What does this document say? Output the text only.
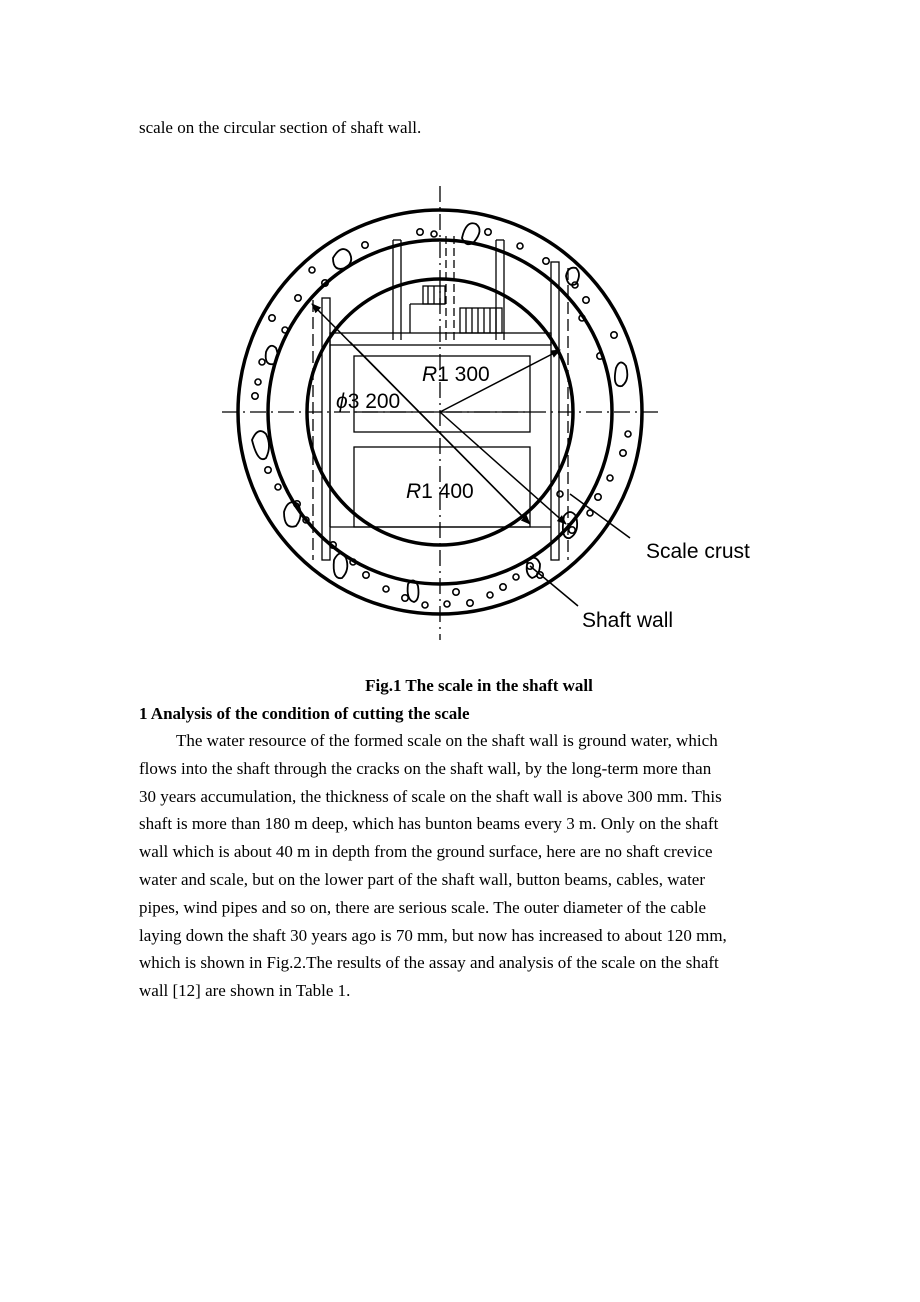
scale on the circular section of shaft wall.
R1 300
ϕ3 200
R1 400
Scale crust
Shaft wall
Fig.1 The scale in the shaft wall
1 Analysis of the condition of cutting the scale
The water resource of the formed scale on the shaft wall is ground water, which
flows into the shaft through the cracks on the shaft wall, by the long-term more than
30 years accumulation, the thickness of scale on the shaft wall is above 300 mm. This
shaft is more than 180 m deep, which has bunton beams every 3 m. Only on the shaft
wall which is about 40 m in depth from the ground surface, here are no shaft crevice
water and scale, but on the lower part of the shaft wall, button beams, cables, water
pipes, wind pipes and so on, there are serious scale. The outer diameter of the cable
laying down the shaft 30 years ago is 70 mm, but now has increased to about 120 mm,
which is shown in Fig.2.The results of the assay and analysis of the scale on the shaft
wall [12] are shown in Table 1.
